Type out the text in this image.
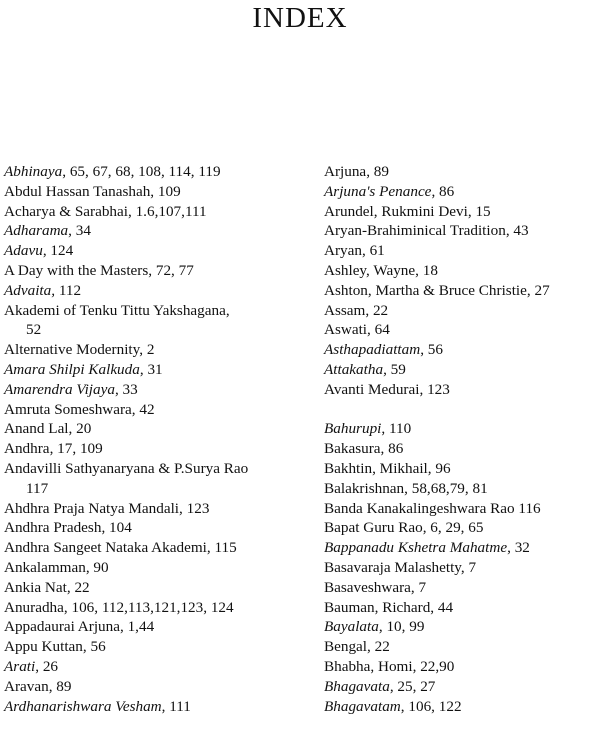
INDEX
Abhinaya, 65, 67, 68, 108, 114, 119
Abdul Hassan Tanashah, 109
Acharya & Sarabhai, 1.6,107,111
Adharama, 34
Adavu, 124
A Day with the Masters, 72, 77
Advaita, 112
Akademi of Tenku Tittu Yakshagana,
52
Alternative Modernity, 2
Amara Shilpi Kalkuda, 31
Amarendra Vijaya, 33
Amruta Someshwara, 42
Anand Lal, 20
Andhra, 17, 109
Andavilli Sathyanaryana & P.Surya Rao
117
Ahdhra Praja Natya Mandali, 123
Andhra Pradesh, 104
Andhra Sangeet Nataka Akademi, 115
Ankalamman, 90
Ankia Nat, 22
Anuradha, 106, 112,113,121,123, 124
Appadaurai Arjuna, 1,44
Appu Kuttan, 56
Arati, 26
Aravan, 89
Ardhanarishwara Vesham, 111
Arjuna, 89
Arjuna's Penance, 86
Arundel, Rukmini Devi, 15
Aryan-Brahiminical Tradition, 43
Aryan, 61
Ashley, Wayne, 18
Ashton, Martha & Bruce Christie, 27
Assam, 22
Aswati, 64
Asthapadiattam, 56
Attakatha, 59
Avanti Medurai, 123
Bahurupi, 110
Bakasura, 86
Bakhtin, Mikhail, 96
Balakrishnan, 58,68,79, 81
Banda Kanakalingeshwara Rao 116
Bapat Guru Rao, 6, 29, 65
Bappanadu Kshetra Mahatme, 32
Basavaraja Malashetty, 7
Basaveshwara, 7
Bauman, Richard, 44
Bayalata, 10, 99
Bengal, 22
Bhabha, Homi, 22,90
Bhagavata, 25, 27
Bhagavatam, 106, 122
